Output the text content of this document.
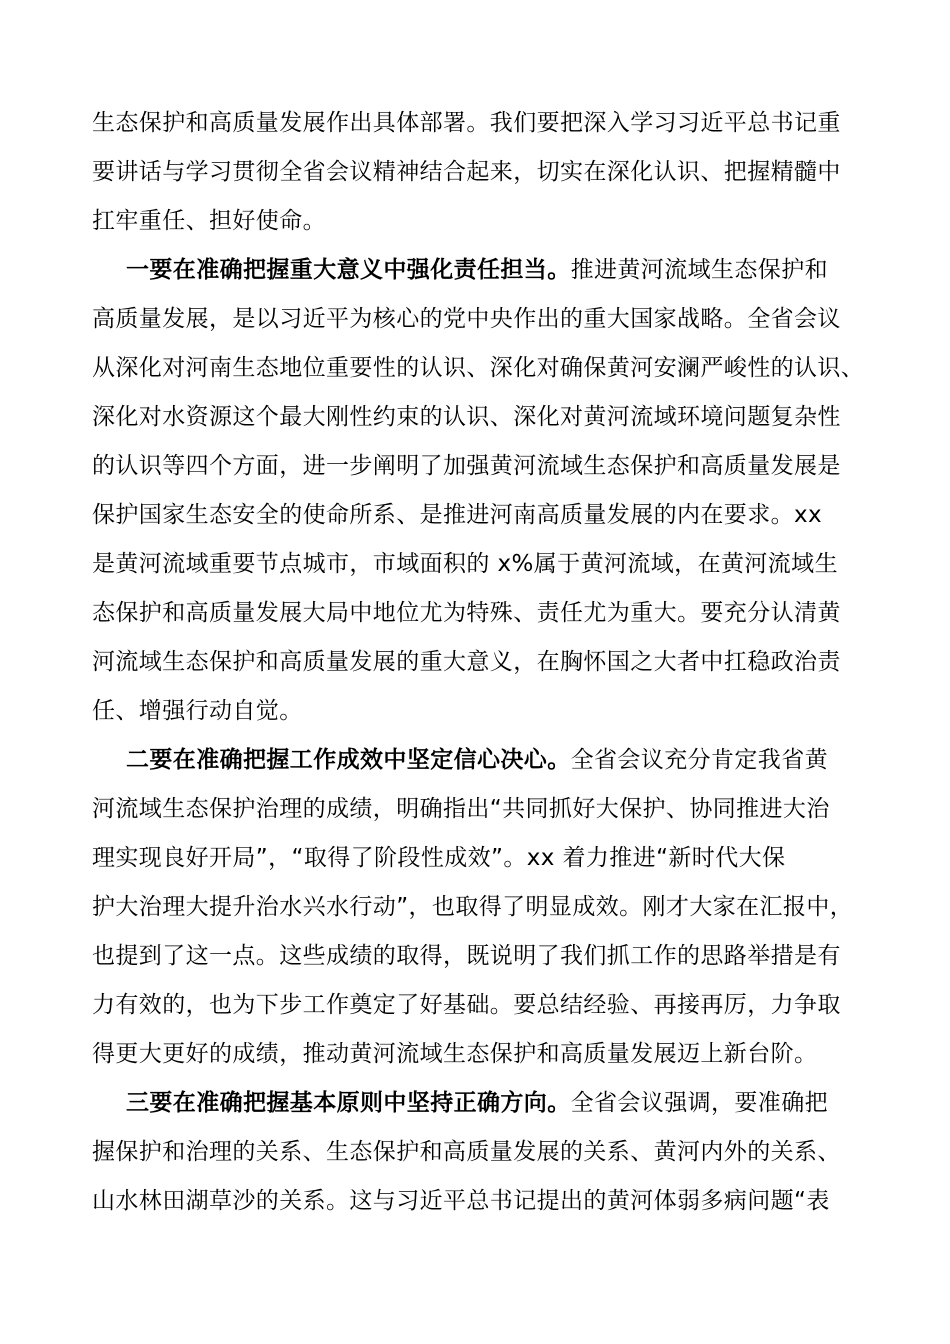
生态保护和高质量发展作出具体部署。我们要把深入学习习近平总书记重
要讲话与学习贯彻全省会议精神结合起来，切实在深化认识、把握精髓中
扛牢重任、担好使命。
一要在准确把握重大意义中强化责任担当。推进黄河流域生态保护和
高质量发展，是以习近平为核心的党中央作出的重大国家战略。全省会议
从深化对河南生态地位重要性的认识、深化对确保黄河安澜严峻性的认识、
深化对水资源这个最大刚性约束的认识、深化对黄河流域环境问题复杂性
的认识等四个方面，进一步阐明了加强黄河流域生态保护和高质量发展是
保护国家生态安全的使命所系、是推进河南高质量发展的内在要求。xx
是黄河流域重要节点城市，市域面积的 x%属于黄河流域，在黄河流域生
态保护和高质量发展大局中地位尤为特殊、责任尤为重大。要充分认清黄
河流域生态保护和高质量发展的重大意义，在胸怀国之大者中扛稳政治责
任、增强行动自觉。
二要在准确把握工作成效中坚定信心决心。全省会议充分肯定我省黄
河流域生态保护治理的成绩，明确指出“共同抓好大保护、协同推进大治
理实现良好开局”，“取得了阶段性成效”。xx 着力推进“新时代大保
护大治理大提升治水兴水行动”，也取得了明显成效。刚才大家在汇报中，
也提到了这一点。这些成绩的取得，既说明了我们抓工作的思路举措是有
力有效的，也为下步工作奠定了好基础。要总结经验、再接再厉，力争取
得更大更好的成绩，推动黄河流域生态保护和高质量发展迈上新台阶。
三要在准确把握基本原则中坚持正确方向。全省会议强调，要准确把
握保护和治理的关系、生态保护和高质量发展的关系、黄河内外的关系、
山水林田湖草沙的关系。这与习近平总书记提出的黄河体弱多病问题“表
